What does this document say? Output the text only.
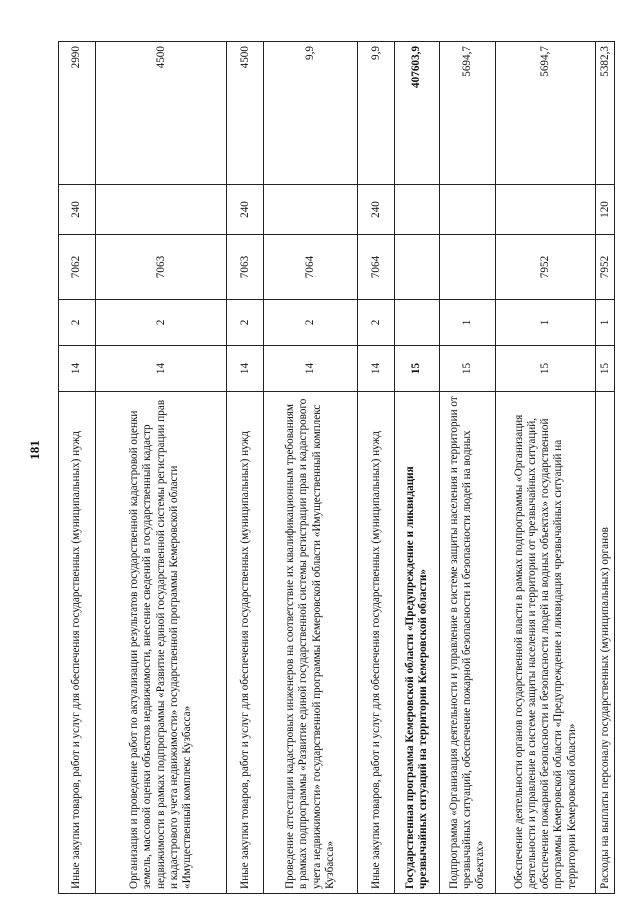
181	Иные закупки товаров, работ и услуг для обеспечения государственных (муниципальных) нужд	14	2	7062	240	2990
Организация и проведение работ по актуализации результатов государственной кадастровой оценки земель, массовой оценки объектов недвижимости, внесение сведений в государственный кадастр недвижимости в рамках подпрограммы «Развитие единой государственной системы регистрации прав и кадастрового учета недвижимости» государственной программы Кемеровской области «Имущественный комплекс Кузбасса»	14	2	7063		4500
Иные закупки товаров, работ и услуг для обеспечения государственных (муниципальных) нужд	14	2	7063	240	4500
Проведение аттестации кадастровых инженеров на соответствие их квалификационным требованиям в рамках подпрограммы «Развитие единой государственной системы регистрации прав и кадастрового учета недвижимости» государственной программы Кемеровской области «Имущественный комплекс Кузбасса»	14	2	7064		9,9
Иные закупки товаров, работ и услуг для обеспечения государственных (муниципальных) нужд	14	2	7064	240	9,9
Государственная программа Кемеровской области «Предупреждение и ликвидация чрезвычайных ситуаций на территории Кемеровской области»	15				407603,9
Подпрограмма «Организация деятельности и управление в системе защиты населения и территории от чрезвычайных ситуаций, обеспечение пожарной безопасности и безопасности людей на водных объектах»	15	1			5694,7
Обеспечение деятельности органов государственной власти в рамках подпрограммы «Организация деятельности и управление в системе защиты населения и территории от чрезвычайных ситуаций, обеспечение пожарной безопасности и безопасности людей на водных объектах» государственной программы Кемеровской области «Предупреждение и ликвидация чрезвычайных ситуаций на территории Кемеровской области»	15	1	7952		5694,7
Расходы на выплаты персоналу государственных (муниципальных) органов	15	1	7952	120	5382,3
